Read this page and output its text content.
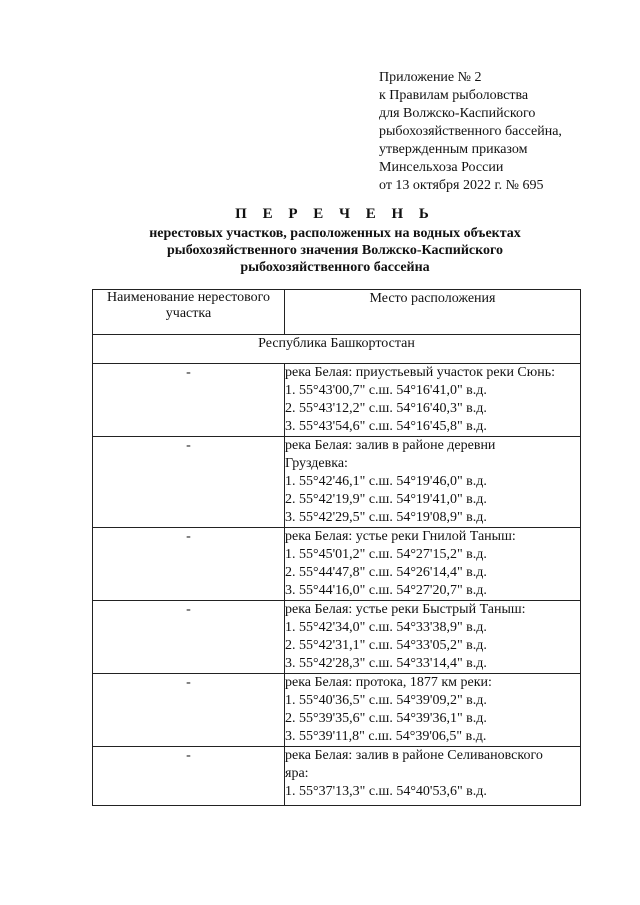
Приложение № 2
к Правилам рыболовства
для Волжско-Каспийского
рыбохозяйственного бассейна,
утвержденным приказом
Минсельхоза России
от 13 октября 2022 г. № 695
П Е Р Е Ч Е Н Ь
нерестовых участков, расположенных на водных объектах
рыбохозяйственного значения Волжско-Каспийского
рыбохозяйственного бассейна
Наименование нерестового участка	Место расположения
Республика Башкортостан	
-	река Белая: приустьевый участок реки Сюнь:
1. 55°43'00,7" с.ш. 54°16'41,0" в.д.
2. 55°43'12,2" с.ш. 54°16'40,3" в.д.
3. 55°43'54,6" с.ш. 54°16'45,8" в.д.

-	река Белая: залив в районе деревни
Груздевка:
1. 55°42'46,1" с.ш. 54°19'46,0" в.д.
2. 55°42'19,9" с.ш. 54°19'41,0" в.д.
3. 55°42'29,5" с.ш. 54°19'08,9" в.д.

-	река Белая: устье реки Гнилой Таныш:
1. 55°45'01,2" с.ш. 54°27'15,2" в.д.
2. 55°44'47,8" с.ш. 54°26'14,4" в.д.
3. 55°44'16,0" с.ш. 54°27'20,7" в.д.

-	река Белая: устье реки Быстрый Таныш:
1. 55°42'34,0" с.ш. 54°33'38,9" в.д.
2. 55°42'31,1" с.ш. 54°33'05,2" в.д.
3. 55°42'28,3" с.ш. 54°33'14,4" в.д.

-	река Белая: протока, 1877 км реки:
1. 55°40'36,5" с.ш. 54°39'09,2" в.д.
2. 55°39'35,6" с.ш. 54°39'36,1" в.д.
3. 55°39'11,8" с.ш. 54°39'06,5" в.д.

-	река Белая: залив в районе Селивановского
яра:
1. 55°37'13,3" с.ш. 54°40'53,6" в.д.
